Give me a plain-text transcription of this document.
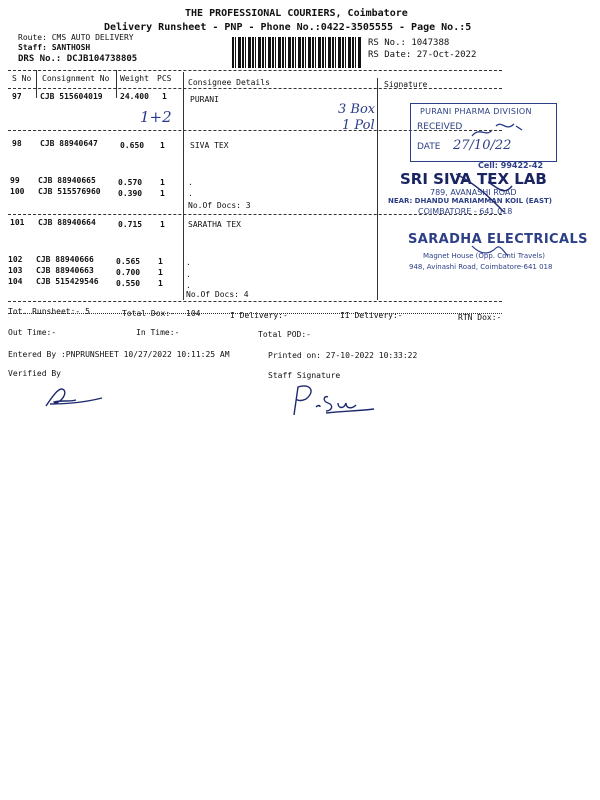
THE PROFESSIONAL COURIERS, Coimbatore
Delivery Runsheet - PNP - Phone No.:0422-3505555 - Page No.:5
Route: CMS AUTO DELIVERY
Staff: SANTHOSH
DRS No.: DCJB104738805
RS No.: 1047388
RS Date: 27-Oct-2022
S No Consignment No Weight PCS Consignee Details	Signature
97 CJB 515604019 24.400 1	PURANI
1+2	3 Box
1 Pol
98 CJB 88940647	0.650 1	SIVA TEX
99 CJB 88940665	0.570 1	.
100 CJB 515576960 0.390 1	.
No.Of Docs: 3
101 CJB 88940664	0.715 1	SARATHA TEX
102 CJB 88940666	0.565 1	.
103 CJB 88940663	0.700 1	.
104 CJB 515429546 0.550 1	.
No.Of Docs: 4
PURANI PHARMA DIVISION
RECEIVED
DATE 27/10/22
Cell: 99422-42
SRI SIVA TEX LAB
789, AVANASHI ROAD
NEAR: DHANDU MARIAMMAN KOIL (EAST)
COIMBATORE - 641 018
SARADHA ELECTRICALS
Magnet House (Opp. Conti Travels)
948, Avinashi Road, Coimbatore-641 018
Tot. Runsheet:- 5	Total Dox:- 104	I Delivery:-	II Delivery:-	RTN Dox:-
Out Time:-	In Time:-	Total POD:-
Entered By :PNPRUNSHEET 10/27/2022 10:11:25 AM	Printed on: 27-10-2022 10:33:22
Verified By	Staff Signature
